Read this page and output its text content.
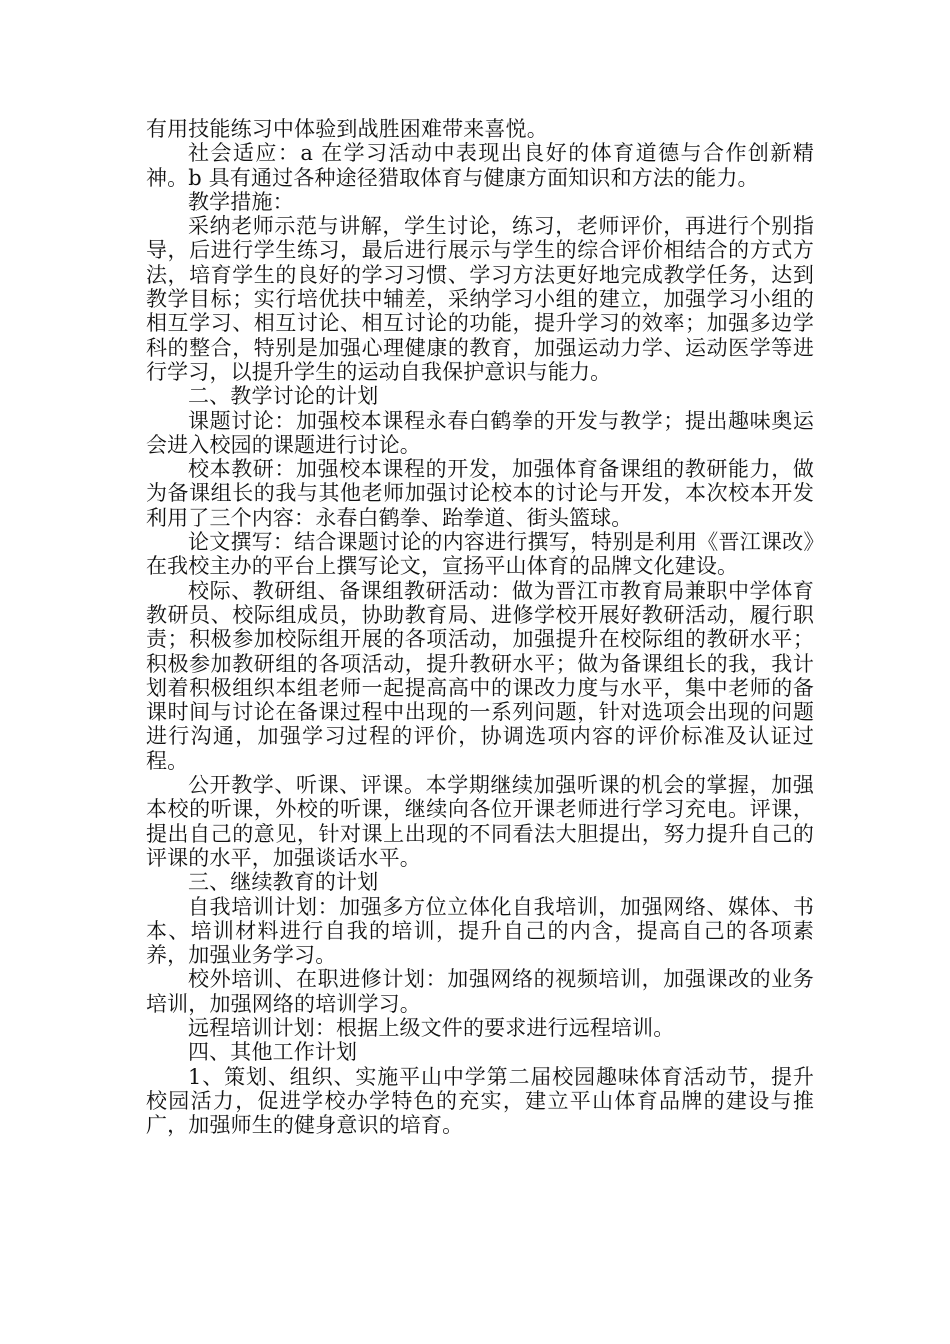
有用技能练习中体验到战胜困难带来喜悦。

社会适应：a 在学习活动中表现出良好的体育道德与合作创新精神。b 具有通过各种途径猎取体育与健康方面知识和方法的能力。

教学措施：

采纳老师示范与讲解，学生讨论，练习，老师评价，再进行个别指导，后进行学生练习，最后进行展示与学生的综合评价相结合的方式方法，培育学生的良好的学习习惯、学习方法更好地完成教学任务，达到教学目标；实行培优扶中辅差，采纳学习小组的建立，加强学习小组的相互学习、相互讨论、相互讨论的功能，提升学习的效率；加强多边学科的整合，特别是加强心理健康的教育，加强运动力学、运动医学等进行学习，以提升学生的运动自我保护意识与能力。

二、教学讨论的计划

课题讨论：加强校本课程永春白鹤拳的开发与教学；提出趣味奥运会进入校园的课题进行讨论。

校本教研：加强校本课程的开发，加强体育备课组的教研能力，做为备课组长的我与其他老师加强讨论校本的讨论与开发，本次校本开发利用了三个内容：永春白鹤拳、跆拳道、街头篮球。

论文撰写：结合课题讨论的内容进行撰写，特别是利用《晋江课改》在我校主办的平台上撰写论文，宣扬平山体育的品牌文化建设。

校际、教研组、备课组教研活动：做为晋江市教育局兼职中学体育教研员、校际组成员，协助教育局、进修学校开展好教研活动，履行职责；积极参加校际组开展的各项活动，加强提升在校际组的教研水平；积极参加教研组的各项活动，提升教研水平；做为备课组长的我，我计划着积极组织本组老师一起提高高中的课改力度与水平，集中老师的备课时间与讨论在备课过程中出现的一系列问题，针对选项会出现的问题进行沟通，加强学习过程的评价，协调选项内容的评价标准及认证过程。

公开教学、听课、评课。本学期继续加强听课的机会的掌握，加强本校的听课，外校的听课，继续向各位开课老师进行学习充电。评课，提出自己的意见，针对课上出现的不同看法大胆提出，努力提升自己的评课的水平，加强谈话水平。

三、继续教育的计划

自我培训计划：加强多方位立体化自我培训，加强网络、媒体、书本、培训材料进行自我的培训，提升自己的内含，提高自己的各项素养，加强业务学习。

校外培训、在职进修计划：加强网络的视频培训，加强课改的业务培训，加强网络的培训学习。

远程培训计划：根据上级文件的要求进行远程培训。

四、其他工作计划

1、策划、组织、实施平山中学第二届校园趣味体育活动节，提升校园活力，促进学校办学特色的充实，建立平山体育品牌的建设与推广，加强师生的健身意识的培育。
